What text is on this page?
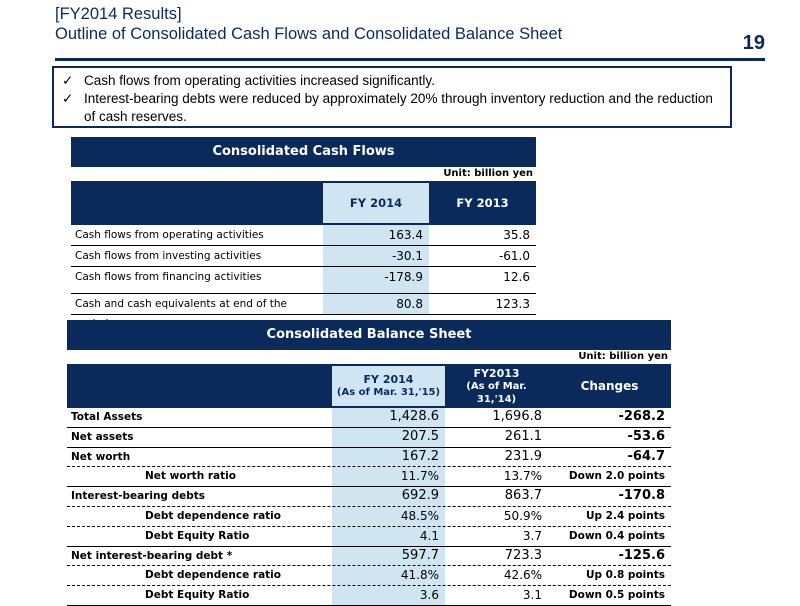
[FY2014 Results]
Outline of Consolidated Cash Flows and Consolidated Balance Sheet	19
✓ Cash flows from operating activities increased significantly.
✓ Interest-bearing debts were reduced by approximately 20% through inventory reduction and the reduction of cash reserves.
Consolidated Cash Flows
Unit: billion yen
FY 2014	FY 2013
Cash flows from operating activities	163.4	35.8
Cash flows from investing activities	-30.1	-61.0
Cash flows from financing activities	-178.9	12.6
Cash and cash equivalents at end of the	80.8	123.3
Consolidated Balance Sheet
Unit: billion yen
FY 2014
(As of Mar. 31,'15)
FY2013
(As of Mar. 31,'14)
Changes
Total Assets	1,428.6	1,696.8	-268.2
Net assets	207.5	261.1	-53.6
Net worth	167.2	231.9	-64.7
Net worth ratio	11.7%	13.7%	Down 2.0 points
Interest-bearing debts	692.9	863.7	-170.8
Debt dependence ratio	48.5%	50.9%	Up 2.4 points
Debt Equity Ratio	4.1	3.7	Down 0.4 points
Net interest-bearing debt *	597.7	723.3	-125.6
Debt dependence ratio	41.8%	42.6%	Up 0.8 points
Debt Equity Ratio	3.6	3.1	Down 0.5 points
